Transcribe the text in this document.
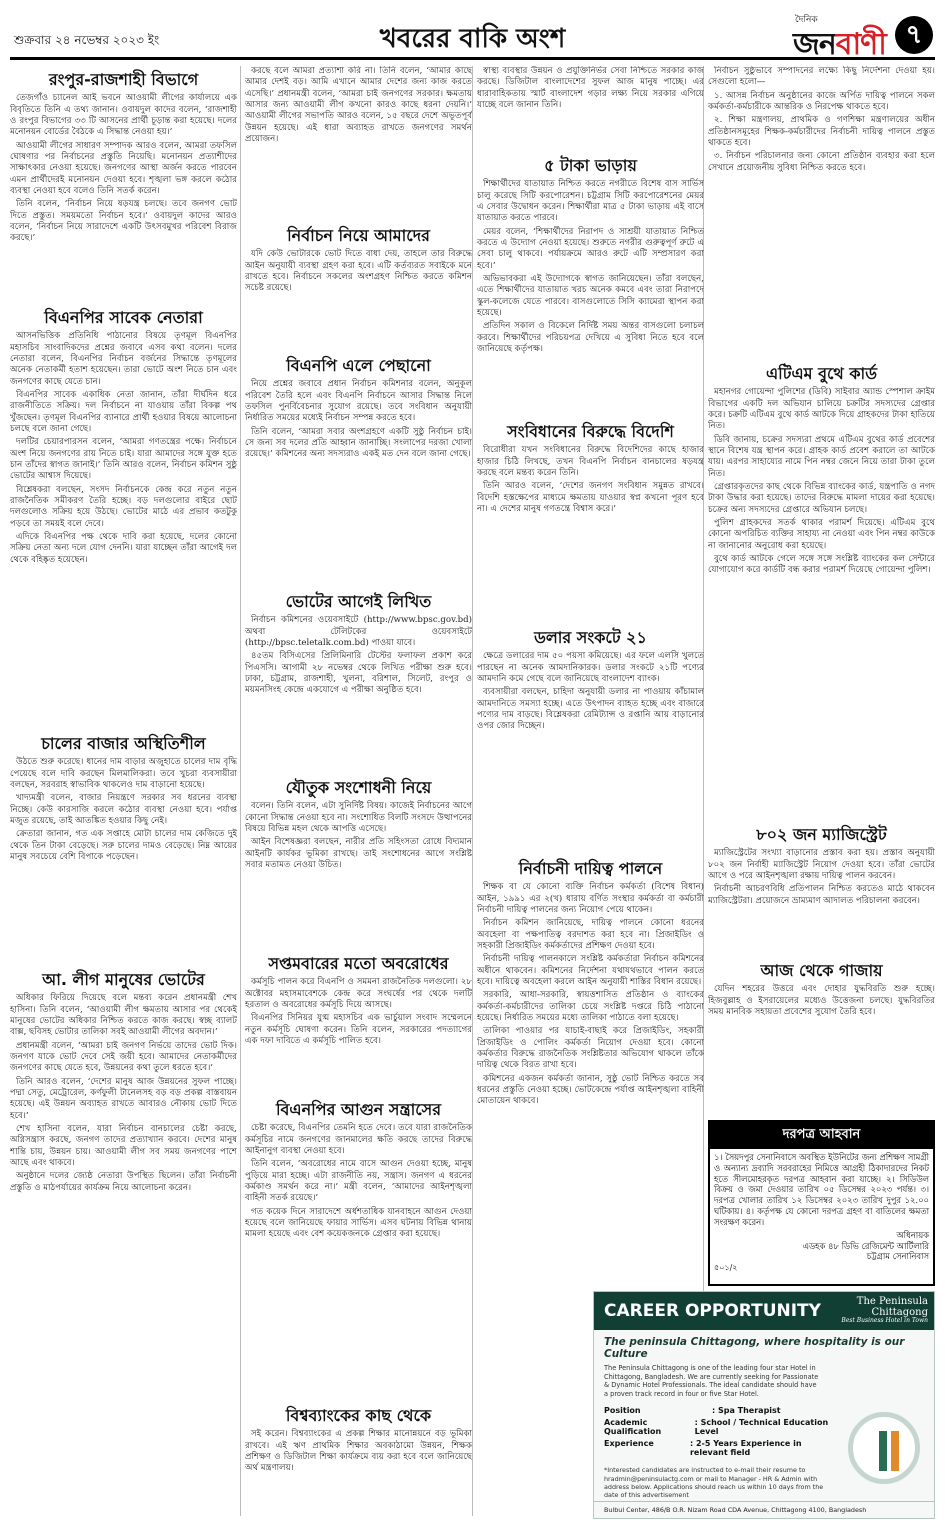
শুক্রবার ২৪ নভেম্বর ২০২৩ ইং	খবরের বাকি অংশ
দৈনিক
জনবাণী ৭
রংপুর-রাজশাহী বিভাগে

তেজগাঁও চ্যানেল আই ভবনে আওয়ামী লীগের কার্যালয়ে এক বিবৃতিতে তিনি এ তথ্য জানান। ওবায়দুল কাদের বলেন, ‘রাজশাহী ও রংপুর বিভাগের ৩৩ টি আসনের প্রার্থী চূড়ান্ত করা হয়েছে। দলের মনোনয়ন বোর্ডের বৈঠকে এ সিদ্ধান্ত নেওয়া হয়।’

আওয়ামী লীগের সাধারণ সম্পাদক আরও বলেন, আমরা তফসিল ঘোষণার পর নির্বাচনের প্রস্তুতি নিয়েছি। মনোনয়ন প্রত্যাশীদের সাক্ষাৎকার নেওয়া হয়েছে। জনগণের আস্থা অর্জন করতে পারবেন এমন প্রার্থীদেরই মনোনয়ন দেওয়া হবে। শৃঙ্খলা ভঙ্গ করলে কঠোর ব্যবস্থা নেওয়া হবে বলেও তিনি সতর্ক করেন।

তিনি বলেন, ‘নির্বাচন নিয়ে ষড়যন্ত্র চলছে। তবে জনগণ ভোট দিতে প্রস্তুত। সময়মতো নির্বাচন হবে।’ ওবায়দুল কাদের আরও বলেন, ‘নির্বাচন নিয়ে সারাদেশে একটি উৎসবমুখর পরিবেশ বিরাজ করছে।’

বিএনপির সাবেক নেতারা

আসনভিত্তিক প্রতিনিধি পাঠানোর বিষয়ে তৃণমূল বিএনপির মহাসচিব সাংবাদিকদের প্রশ্নের জবাবে এসব কথা বলেন। দলের নেতারা বলেন, বিএনপির নির্বাচন বর্জনের সিদ্ধান্তে তৃণমূলের অনেক নেতাকর্মী হতাশ হয়েছেন। তারা ভোটে অংশ নিতে চান এবং জনগণের কাছে যেতে চান।

বিএনপির সাবেক একাধিক নেতা জানান, তাঁরা দীর্ঘদিন ধরে রাজনীতিতে সক্রিয়। দল নির্বাচনে না যাওয়ায় তাঁরা বিকল্প পথ খুঁজছেন। তৃণমূল বিএনপির ব্যানারে প্রার্থী হওয়ার বিষয়ে আলোচনা চলছে বলে জানা গেছে।

দলটির চেয়ারপারসন বলেন, ‘আমরা গণতন্ত্রের পক্ষে। নির্বাচনে অংশ নিয়ে জনগণের রায় নিতে চাই। যারা আমাদের সঙ্গে যুক্ত হতে চান তাঁদের স্বাগত জানাই।’ তিনি আরও বলেন, নির্বাচন কমিশন সুষ্ঠু ভোটের আশ্বাস দিয়েছে।

বিশ্লেষকরা বলছেন, সংসদ নির্বাচনকে কেন্দ্র করে নতুন নতুন রাজনৈতিক সমীকরণ তৈরি হচ্ছে। বড় দলগুলোর বাইরে ছোট দলগুলোও সক্রিয় হয়ে উঠছে। ভোটের মাঠে এর প্রভাব কতটুকু পড়বে তা সময়ই বলে দেবে।

এদিকে বিএনপির পক্ষ থেকে দাবি করা হয়েছে, দলের কোনো সক্রিয় নেতা অন্য দলে যোগ দেননি। যারা যাচ্ছেন তাঁরা আগেই দল থেকে বহিষ্কৃত হয়েছেন।

চালের বাজার অস্থিতিশীল

উঠতে শুরু করেছে। ধানের দাম বাড়ার অজুহাতে চালের দাম বৃদ্ধি পেয়েছে বলে দাবি করছেন মিলমালিকরা। তবে খুচরা ব্যবসায়ীরা বলছেন, সরবরাহ স্বাভাবিক থাকলেও দাম বাড়ানো হয়েছে।

খাদ্যমন্ত্রী বলেন, বাজার নিয়ন্ত্রণে সরকার সব ধরনের ব্যবস্থা নিচ্ছে। কেউ কারসাজি করলে কঠোর ব্যবস্থা নেওয়া হবে। পর্যাপ্ত মজুত রয়েছে, তাই আতঙ্কিত হওয়ার কিছু নেই।

ক্রেতারা জানান, গত এক সপ্তাহে মোটা চালের দাম কেজিতে দুই থেকে তিন টাকা বেড়েছে। সরু চালের দামও বেড়েছে। নিম্ন আয়ের মানুষ সবচেয়ে বেশি বিপাকে পড়েছেন।

আ. লীগ মানুষের ভোটের

অধিকার ফিরিয়ে দিয়েছে বলে মন্তব্য করেন প্রধানমন্ত্রী শেখ হাসিনা। তিনি বলেন, ‘আওয়ামী লীগ ক্ষমতায় আসার পর থেকেই মানুষের ভোটের অধিকার নিশ্চিত করতে কাজ করছে। স্বচ্ছ ব্যালট বাক্স, ছবিসহ ভোটার তালিকা সবই আওয়ামী লীগের অবদান।’

প্রধানমন্ত্রী বলেন, ‘আমরা চাই জনগণ নির্ভয়ে তাদের ভোট দিক। জনগণ যাকে ভোট দেবে সেই জয়ী হবে। আমাদের নেতাকর্মীদের জনগণের কাছে যেতে হবে, উন্নয়নের কথা তুলে ধরতে হবে।’

তিনি আরও বলেন, ‘দেশের মানুষ আজ উন্নয়নের সুফল পাচ্ছে। পদ্মা সেতু, মেট্রোরেল, কর্ণফুলী টানেলসহ বড় বড় প্রকল্প বাস্তবায়ন হয়েছে। এই উন্নয়ন অব্যাহত রাখতে আবারও নৌকায় ভোট দিতে হবে।’

শেখ হাসিনা বলেন, যারা নির্বাচন বানচালের চেষ্টা করছে, অগ্নিসন্ত্রাস করছে, জনগণ তাদের প্রত্যাখ্যান করবে। দেশের মানুষ শান্তি চায়, উন্নয়ন চায়। আওয়ামী লীগ সব সময় জনগণের পাশে আছে এবং থাকবে।

অনুষ্ঠানে দলের জ্যেষ্ঠ নেতারা উপস্থিত ছিলেন। তাঁরা নির্বাচনী প্রস্তুতি ও মাঠপর্যায়ের কার্যক্রম নিয়ে আলোচনা করেন।

করছে বলে আমরা প্রত্যাশা করি না। তিনি বলেন, ‘আমার কাছে আমার দেশই বড়। আমি এখানে আমার দেশের জন্য কাজ করতে এসেছি।’ প্রধানমন্ত্রী বলেন, ‘আমরা চাই জনগণের সরকার। ক্ষমতায় আসার জন্য আওয়ামী লীগ কখনো কারও কাছে ধরনা দেয়নি।’ আওয়ামী লীগের সভাপতি আরও বলেন, ১৫ বছরে দেশে অভূতপূর্ব উন্নয়ন হয়েছে। এই ধারা অব্যাহত রাখতে জনগণের সমর্থন প্রয়োজন।

নির্বাচন নিয়ে আমাদের

যদি কেউ ভোটারকে ভোট দিতে বাধা দেয়, তাহলে তার বিরুদ্ধে আইন অনুযায়ী ব্যবস্থা গ্রহণ করা হবে। এটি কর্তব্যরত সবাইকে মনে রাখতে হবে। নির্বাচনে সকলের অংশগ্রহণ নিশ্চিত করতে কমিশন সচেষ্ট রয়েছে।

বিএনপি এলে পেছানো

নিয়ে প্রশ্নের জবাবে প্রধান নির্বাচন কমিশনার বলেন, অনুকূল পরিবেশ তৈরি হলে এবং বিএনপি নির্বাচনে আসার সিদ্ধান্ত নিলে তফসিল পুনর্বিবেচনার সুযোগ রয়েছে। তবে সংবিধান অনুযায়ী নির্ধারিত সময়ের মধ্যেই নির্বাচন সম্পন্ন করতে হবে।

তিনি বলেন, ‘আমরা সবার অংশগ্রহণে একটি সুষ্ঠু নির্বাচন চাই। সে জন্য সব দলের প্রতি আহ্বান জানাচ্ছি। সংলাপের দরজা খোলা রয়েছে।’ কমিশনের অন্য সদস্যরাও একই মত দেন বলে জানা গেছে।

ভোটের আগেই লিখিত

নির্বাচন কমিশনের ওয়েবসাইটে (http://www.bpsc.gov.bd) অথবা টেলিটকের ওয়েবসাইটে (http://bpsc.teletalk.com.bd) পাওয়া যাবে।

৪৫তম বিসিএসের প্রিলিমিনারি টেস্টের ফলাফল প্রকাশ করে পিএসসি। আগামী ২৮ নভেম্বর থেকে লিখিত পরীক্ষা শুরু হবে। ঢাকা, চট্টগ্রাম, রাজশাহী, খুলনা, বরিশাল, সিলেট, রংপুর ও ময়মনসিংহ কেন্দ্রে একযোগে এ পরীক্ষা অনুষ্ঠিত হবে।

যৌতুক সংশোধনী নিয়ে

বলেন। তিনি বলেন, এটা সুনির্দিষ্ট বিষয়। কাজেই নির্বাচনের আগে কোনো সিদ্ধান্ত নেওয়া হবে না। সংশোধিত বিলটি সংসদে উত্থাপনের বিষয়ে বিভিন্ন মহল থেকে আপত্তি এসেছে।

আইন বিশেষজ্ঞরা বলছেন, নারীর প্রতি সহিংসতা রোধে বিদ্যমান আইনটি কার্যকর ভূমিকা রাখছে। তাই সংশোধনের আগে সংশ্লিষ্ট সবার মতামত নেওয়া উচিত।

সপ্তমবারের মতো অবরোধের

কর্মসূচি পালন করে বিএনপি ও সমমনা রাজনৈতিক দলগুলো। ২৮ অক্টোবর মহাসমাবেশকে কেন্দ্র করে সংঘর্ষের পর থেকে দলটি হরতাল ও অবরোধের কর্মসূচি দিয়ে আসছে।

বিএনপির সিনিয়র যুগ্ম মহাসচিব এক ভার্চুয়াল সংবাদ সম্মেলনে নতুন কর্মসূচি ঘোষণা করেন। তিনি বলেন, সরকারের পদত্যাগের এক দফা দাবিতে এ কর্মসূচি পালিত হবে।

বিএনপির আগুন সন্ত্রাসের

চেষ্টা করেছে, বিএনপির তেমনি হতে দেবে। তবে যারা রাজনৈতিক কর্মসূচির নামে জনগণের জানমালের ক্ষতি করছে তাদের বিরুদ্ধে আইনানুগ ব্যবস্থা নেওয়া হবে।

তিনি বলেন, ‘অবরোধের নামে বাসে আগুন দেওয়া হচ্ছে, মানুষ পুড়িয়ে মারা হচ্ছে। এটা রাজনীতি নয়, সন্ত্রাস। জনগণ এ ধরনের কর্মকাণ্ড সমর্থন করে না।’ মন্ত্রী বলেন, ‘আমাদের আইনশৃঙ্খলা বাহিনী সতর্ক রয়েছে।’

গত কয়েক দিনে সারাদেশে অর্ধশতাধিক যানবাহনে আগুন দেওয়া হয়েছে বলে জানিয়েছে ফায়ার সার্ভিস। এসব ঘটনায় বিভিন্ন থানায় মামলা হয়েছে এবং বেশ কয়েকজনকে গ্রেপ্তার করা হয়েছে।

বিশ্বব্যাংকের কাছ থেকে

সই করেন। বিশ্বব্যাংকের এ প্রকল্প শিক্ষার মানোন্নয়নে বড় ভূমিকা রাখবে। এই ঋণ প্রাথমিক শিক্ষার অবকাঠামো উন্নয়ন, শিক্ষক প্রশিক্ষণ ও ডিজিটাল শিক্ষা কার্যক্রমে ব্যয় করা হবে বলে জানিয়েছে অর্থ মন্ত্রণালয়।

স্বাস্থ্য ব্যবস্থার উন্নয়ন ও প্রযুক্তিনির্ভর সেবা নিশ্চিতে সরকার কাজ করছে। ডিজিটাল বাংলাদেশের সুফল আজ মানুষ পাচ্ছে। এর ধারাবাহিকতায় স্মার্ট বাংলাদেশ গড়ার লক্ষ্য নিয়ে সরকার এগিয়ে যাচ্ছে বলে জানান তিনি।

৫ টাকা ভাড়ায়

শিক্ষার্থীদের যাতায়াত নিশ্চিত করতে নগরীতে বিশেষ বাস সার্ভিস চালু করেছে সিটি করপোরেশন। চট্টগ্রাম সিটি করপোরেশনের মেয়র এ সেবার উদ্বোধন করেন। শিক্ষার্থীরা মাত্র ৫ টাকা ভাড়ায় এই বাসে যাতায়াত করতে পারবে।

মেয়র বলেন, ‘শিক্ষার্থীদের নিরাপদ ও সাশ্রয়ী যাতায়াত নিশ্চিত করতে এ উদ্যোগ নেওয়া হয়েছে। শুরুতে নগরীর গুরুত্বপূর্ণ রুটে এ সেবা চালু থাকবে। পর্যায়ক্রমে আরও রুটে এটি সম্প্রসারণ করা হবে।’

অভিভাবকরা এই উদ্যোগকে স্বাগত জানিয়েছেন। তাঁরা বলছেন, এতে শিক্ষার্থীদের যাতায়াত খরচ অনেক কমবে এবং তারা নিরাপদে স্কুল-কলেজে যেতে পারবে। বাসগুলোতে সিসি ক্যামেরা স্থাপন করা হয়েছে।

প্রতিদিন সকাল ও বিকেলে নির্দিষ্ট সময় অন্তর বাসগুলো চলাচল করবে। শিক্ষার্থীদের পরিচয়পত্র দেখিয়ে এ সুবিধা নিতে হবে বলে জানিয়েছে কর্তৃপক্ষ।

সংবিধানের বিরুদ্ধে বিদেশি

বিরোধীরা যখন সংবিধানের বিরুদ্ধে বিদেশিদের কাছে হাজার হাজার চিঠি লিখছে, তখন বিএনপি নির্বাচন বানচালের ষড়যন্ত্র করছে বলে মন্তব্য করেন তিনি।

তিনি আরও বলেন, ‘দেশের জনগণ সংবিধান সমুন্নত রাখবে। বিদেশি হস্তক্ষেপের মাধ্যমে ক্ষমতায় যাওয়ার স্বপ্ন কখনো পূরণ হবে না। এ দেশের মানুষ গণতন্ত্রে বিশ্বাস করে।’

ডলার সংকটে ২১

ক্ষেত্রে ডলারের দাম ৫০ পয়সা কমিয়েছে। এর ফলে এলসি খুলতে পারছেন না অনেক আমদানিকারক। ডলার সংকটে ২১টি পণ্যের আমদানি কমে গেছে বলে জানিয়েছে বাংলাদেশ ব্যাংক।

ব্যবসায়ীরা বলছেন, চাহিদা অনুযায়ী ডলার না পাওয়ায় কাঁচামাল আমদানিতে সমস্যা হচ্ছে। এতে উৎপাদন ব্যাহত হচ্ছে এবং বাজারে পণ্যের দাম বাড়ছে। বিশ্লেষকরা রেমিট্যান্স ও রপ্তানি আয় বাড়ানোর ওপর জোর দিচ্ছেন।

নির্বাচনী দায়িত্ব পালনে

শিক্ষক বা যে কোনো ব্যক্তি নির্বাচন কর্মকর্তা (বিশেষ বিধান) আইন, ১৯৯১ এর ২(খ) ধারায় বর্ণিত সংস্থার কর্মকর্তা বা কর্মচারী নির্বাচনী দায়িত্ব পালনের জন্য নিয়োগ পেয়ে থাকেন।

নির্বাচন কমিশন জানিয়েছে, দায়িত্ব পালনে কোনো ধরনের অবহেলা বা পক্ষপাতিত্ব বরদাশত করা হবে না। প্রিজাইডিং ও সহকারী প্রিজাইডিং কর্মকর্তাদের প্রশিক্ষণ দেওয়া হবে।

নির্বাচনী দায়িত্ব পালনকালে সংশ্লিষ্ট কর্মকর্তারা নির্বাচন কমিশনের অধীনে থাকবেন। কমিশনের নির্দেশনা যথাযথভাবে পালন করতে হবে। দায়িত্বে অবহেলা করলে আইন অনুযায়ী শাস্তির বিধান রয়েছে।

সরকারি, আধা-সরকারি, স্বায়ত্তশাসিত প্রতিষ্ঠান ও ব্যাংকের কর্মকর্তা-কর্মচারীদের তালিকা চেয়ে সংশ্লিষ্ট দপ্তরে চিঠি পাঠানো হয়েছে। নির্ধারিত সময়ের মধ্যে তালিকা পাঠাতে বলা হয়েছে।

তালিকা পাওয়ার পর যাচাই-বাছাই করে প্রিজাইডিং, সহকারী প্রিজাইডিং ও পোলিং কর্মকর্তা নিয়োগ দেওয়া হবে। কোনো কর্মকর্তার বিরুদ্ধে রাজনৈতিক সংশ্লিষ্টতার অভিযোগ থাকলে তাঁকে দায়িত্ব থেকে বিরত রাখা হবে।

কমিশনের একজন কর্মকর্তা জানান, সুষ্ঠু ভোট নিশ্চিত করতে সব ধরনের প্রস্তুতি নেওয়া হচ্ছে। ভোটকেন্দ্রে পর্যাপ্ত আইনশৃঙ্খলা বাহিনী মোতায়েন থাকবে।

নির্বাচন সুষ্ঠুভাবে সম্পাদনের লক্ষ্যে কিছু নির্দেশনা দেওয়া হয়। সেগুলো হলো—

১. আসন্ন নির্বাচন অনুষ্ঠানের কাজে অর্পিত দায়িত্ব পালনে সকল কর্মকর্তা-কর্মচারীকে আন্তরিক ও নিরপেক্ষ থাকতে হবে।

২. শিক্ষা মন্ত্রণালয়, প্রাথমিক ও গণশিক্ষা মন্ত্রণালয়ের অধীন প্রতিষ্ঠানসমূহের শিক্ষক-কর্মচারীদের নির্বাচনী দায়িত্ব পালনে প্রস্তুত থাকতে হবে।

৩. নির্বাচন পরিচালনার জন্য কোনো প্রতিষ্ঠান ব্যবহার করা হলে সেখানে প্রয়োজনীয় সুবিধা নিশ্চিত করতে হবে।

এটিএম বুথে কার্ড

মহানগর গোয়েন্দা পুলিশের (ডিবি) সাইবার অ্যান্ড স্পেশাল ক্রাইম বিভাগের একটি দল অভিযান চালিয়ে চক্রটির সদস্যদের গ্রেপ্তার করে। চক্রটি এটিএম বুথে কার্ড আটকে দিয়ে গ্রাহকদের টাকা হাতিয়ে নিত।

ডিবি জানায়, চক্রের সদস্যরা প্রথমে এটিএম বুথের কার্ড প্রবেশের স্থানে বিশেষ যন্ত্র স্থাপন করে। গ্রাহক কার্ড প্রবেশ করালে তা আটকে যায়। এরপর সাহায্যের নামে পিন নম্বর জেনে নিয়ে তারা টাকা তুলে নিত।

গ্রেপ্তারকৃতদের কাছ থেকে বিভিন্ন ব্যাংকের কার্ড, যন্ত্রপাতি ও নগদ টাকা উদ্ধার করা হয়েছে। তাদের বিরুদ্ধে মামলা দায়ের করা হয়েছে। চক্রের অন্য সদস্যদের গ্রেপ্তারে অভিযান চলছে।

পুলিশ গ্রাহকদের সতর্ক থাকার পরামর্শ দিয়েছে। এটিএম বুথে কোনো অপরিচিত ব্যক্তির সাহায্য না নেওয়া এবং পিন নম্বর কাউকে না জানানোর অনুরোধ করা হয়েছে।

বুথে কার্ড আটকে গেলে সঙ্গে সঙ্গে সংশ্লিষ্ট ব্যাংকের কল সেন্টারে যোগাযোগ করে কার্ডটি বন্ধ করার পরামর্শ দিয়েছে গোয়েন্দা পুলিশ।

৮০২ জন ম্যাজিস্ট্রেট

ম্যাজিস্ট্রেটের সংখ্যা বাড়ানোর প্রস্তাব করা হয়। প্রস্তাব অনুযায়ী ৮০২ জন নির্বাহী ম্যাজিস্ট্রেট নিয়োগ দেওয়া হবে। তাঁরা ভোটের আগে ও পরে আইনশৃঙ্খলা রক্ষায় দায়িত্ব পালন করবেন।

নির্বাচনী আচরণবিধি প্রতিপালন নিশ্চিত করতেও মাঠে থাকবেন ম্যাজিস্ট্রেটরা। প্রয়োজনে ভ্রাম্যমাণ আদালত পরিচালনা করবেন।

আজ থেকে গাজায়

যেদিন শহরের উত্তরে এবং দোহার যুদ্ধবিরতি শুরু হচ্ছে। হিজবুল্লাহ ও ইসরায়েলের মধ্যেও উত্তেজনা চলছে। যুদ্ধবিরতির সময় মানবিক সহায়তা প্রবেশের সুযোগ তৈরি হবে।

দরপত্র আহবান
১। সৈয়দপুর সেনানিবাসে অবস্থিত ইউনিটের জন্য প্রশিক্ষণ সামগ্রী ও অন্যান্য দ্রব্যাদি সরবরাহের নিমিত্তে আগ্রহী ঠিকাদারদের নিকট হতে সীলমোহরকৃত দরপত্র আহবান করা যাচ্ছে। ২। সিডিউল বিক্রয় ও জমা দেওয়ার তারিখ ০৫ ডিসেম্বর ২০২৩ পর্যন্ত। ৩। দরপত্র খোলার তারিখ ১২ ডিসেম্বর ২০২৩ তারিখ দুপুর ১২.০০ ঘটিকায়। ৪। কর্তৃপক্ষ যে কোনো দরপত্র গ্রহণ বা বাতিলের ক্ষমতা সংরক্ষণ করেন।
অধিনায়ক
এডহক ৪৮ ডিভি রেজিমেন্ট আর্টিলারি
চট্টগ্রাম সেনানিবাস
৫০১/২
CAREER OPPORTUNITY	The Peninsula Chittagong
Best Business Hotel in Town
The peninsula Chittagong, where hospitality is our Culture
The Peninsula Chittagong is one of the leading four star Hotel in Chittagong, Bangladesh. We are currently seeking for Passionate & Dynamic Hotel Professionals. The ideal candidate should have a proven track record in four or five Star Hotel.
Position	: Spa Therapist
Academic Qualification
: School / Technical Education Level
Experience	: 2-5 Years Experience in relevant field
*Interested candidates are instructed to e-mail their resume to hradmin@peninsulactg.com or mail to Manager - HR & Admin with address below. Applications should reach us within 10 days from the date of this advertisement
Bulbul Center, 486/B O.R. Nizam Road CDA Avenue, Chittagong 4100, Bangladesh
